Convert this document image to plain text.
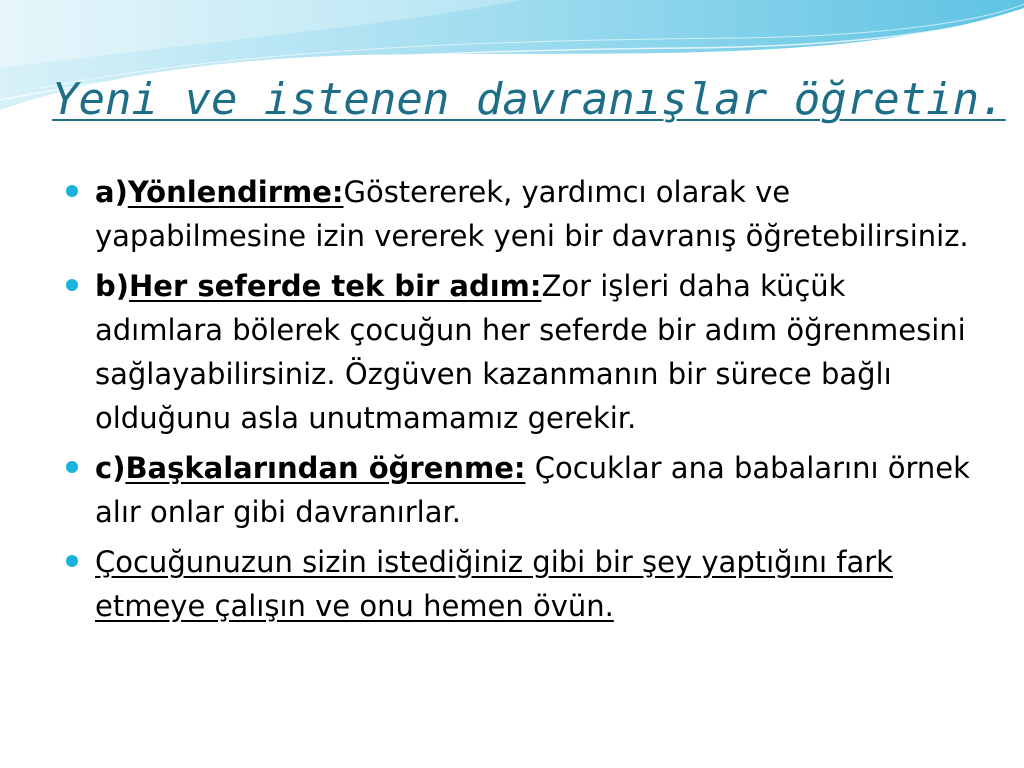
Yeni ve istenen davranışlar öğretin.
a)Yönlendirme:Göstererek, yardımcı olarak ve yapabilmesine izin vererek yeni bir davranış öğretebilirsiniz.
b)Her seferde tek bir adım:Zor işleri daha küçük adımlara bölerek çocuğun her seferde bir adım öğrenmesini sağlayabilirsiniz. Özgüven kazanmanın bir sürece bağlı olduğunu asla unutmamamız gerekir.
c)Başkalarından öğrenme: Çocuklar ana babalarını örnek alır onlar gibi davranırlar.
Çocuğunuzun sizin istediğiniz gibi bir şey yaptığını fark etmeye çalışın ve onu hemen övün.
